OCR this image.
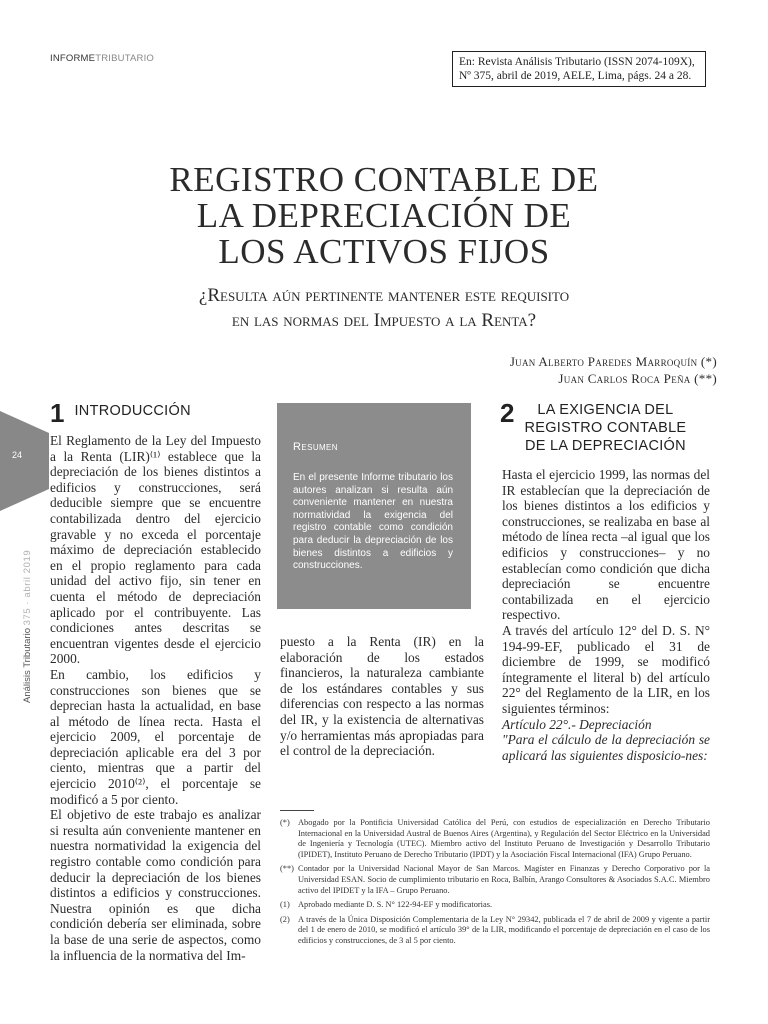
INFORMETRIBUTARIO	En: Revista Análisis Tributario (ISSN 2074-109X), Nº 375, abril de 2019, AELE, Lima, págs. 24 a 28.
REGISTRO CONTABLE DE
LA DEPRECIACIÓN DE
LOS ACTIVOS FIJOS
¿Resulta aún pertinente mantener este requisito
en las normas del Impuesto a la Renta?
Juan Alberto Paredes Marroquín (*)
Juan Carlos Roca Peña (**)
24
Análisis Tributario 375 · abril 2019
1 INTRODUCCIÓN

El Reglamento de la Ley del Impuesto a la Renta (LIR)⁽¹⁾ establece que la depreciación de los bienes distintos a edificios y construcciones, será deducible siempre que se encuentre contabilizada dentro del ejercicio gravable y no exceda el porcentaje máximo de depreciación establecido en el propio reglamento para cada unidad del activo fijo, sin tener en cuenta el método de depreciación aplicado por el contribuyente. Las condiciones antes descritas se encuentran vigentes desde el ejercicio 2000.

En cambio, los edificios y construcciones son bienes que se deprecian hasta la actualidad, en base al método de línea recta. Hasta el ejercicio 2009, el porcentaje de depreciación aplicable era del 3 por ciento, mientras que a partir del ejercicio 2010⁽²⁾, el porcentaje se modificó a 5 por ciento.

El objetivo de este trabajo es analizar si resulta aún conveniente mantener en nuestra normatividad la exigencia del registro contable como condición para deducir la depreciación de los bienes distintos a edificios y construcciones. Nuestra opinión es que dicha condición debería ser eliminada, sobre la base de una serie de aspectos, como la influencia de la normativa del Im-

Resumen
En el presente Informe tributario los autores analizan si resulta aún conveniente mantener en nuestra normatividad la exigencia del registro contable como condición para deducir la depreciación de los bienes distintos a edificios y construcciones.

puesto a la Renta (IR) en la elaboración de los estados financieros, la naturaleza cambiante de los estándares contables y sus diferencias con respecto a las normas del IR, y la existencia de alternativas y/o herramientas más apropiadas para el control de la depreciación.

2	LA EXIGENCIA DEL
REGISTRO CONTABLE
DE LA DEPRECIACIÓN

Hasta el ejercicio 1999, las normas del IR establecían que la depreciación de los bienes distintos a los edificios y construcciones, se realizaba en base al método de línea recta –al igual que los edificios y construcciones– y no establecían como condición que dicha depreciación se encuentre contabilizada en el ejercicio respectivo.

A través del artículo 12° del D. S. N° 194-99-EF, publicado el 31 de diciembre de 1999, se modificó íntegramente el literal b) del artículo 22° del Reglamento de la LIR, en los siguientes términos:

Artículo 22°.- Depreciación

"Para el cálculo de la depreciación se aplicará las siguientes disposicio-nes:

(*) Abogado por la Pontificia Universidad Católica del Perú, con estudios de especialización en Derecho Tributario Internacional en la Universidad Austral de Buenos Aires (Argentina), y Regulación del Sector Eléctrico en la Universidad de Ingeniería y Tecnología (UTEC). Miembro activo del Instituto Peruano de Investigación y Desarrollo Tributario (IPIDET), Instituto Peruano de Derecho Tributario (IPDT) y la Asociación Fiscal Internacional (IFA) Grupo Peruano.
(**) Contador por la Universidad Nacional Mayor de San Marcos. Magíster en Finanzas y Derecho Corporativo por la Universidad ESAN. Socio de cumplimiento tributario en Roca, Balbín, Arango Consultores & Asociados S.A.C. Miembro activo del IPIDET y la IFA – Grupo Peruano.
(1) Aprobado mediante D. S. N° 122-94-EF y modificatorias.
(2) A través de la Única Disposición Complementaria de la Ley N° 29342, publicada el 7 de abril de 2009 y vigente a partir del 1 de enero de 2010, se modificó el artículo 39° de la LIR, modificando el porcentaje de depreciación en el caso de los edificios y construcciones, de 3 al 5 por ciento.
